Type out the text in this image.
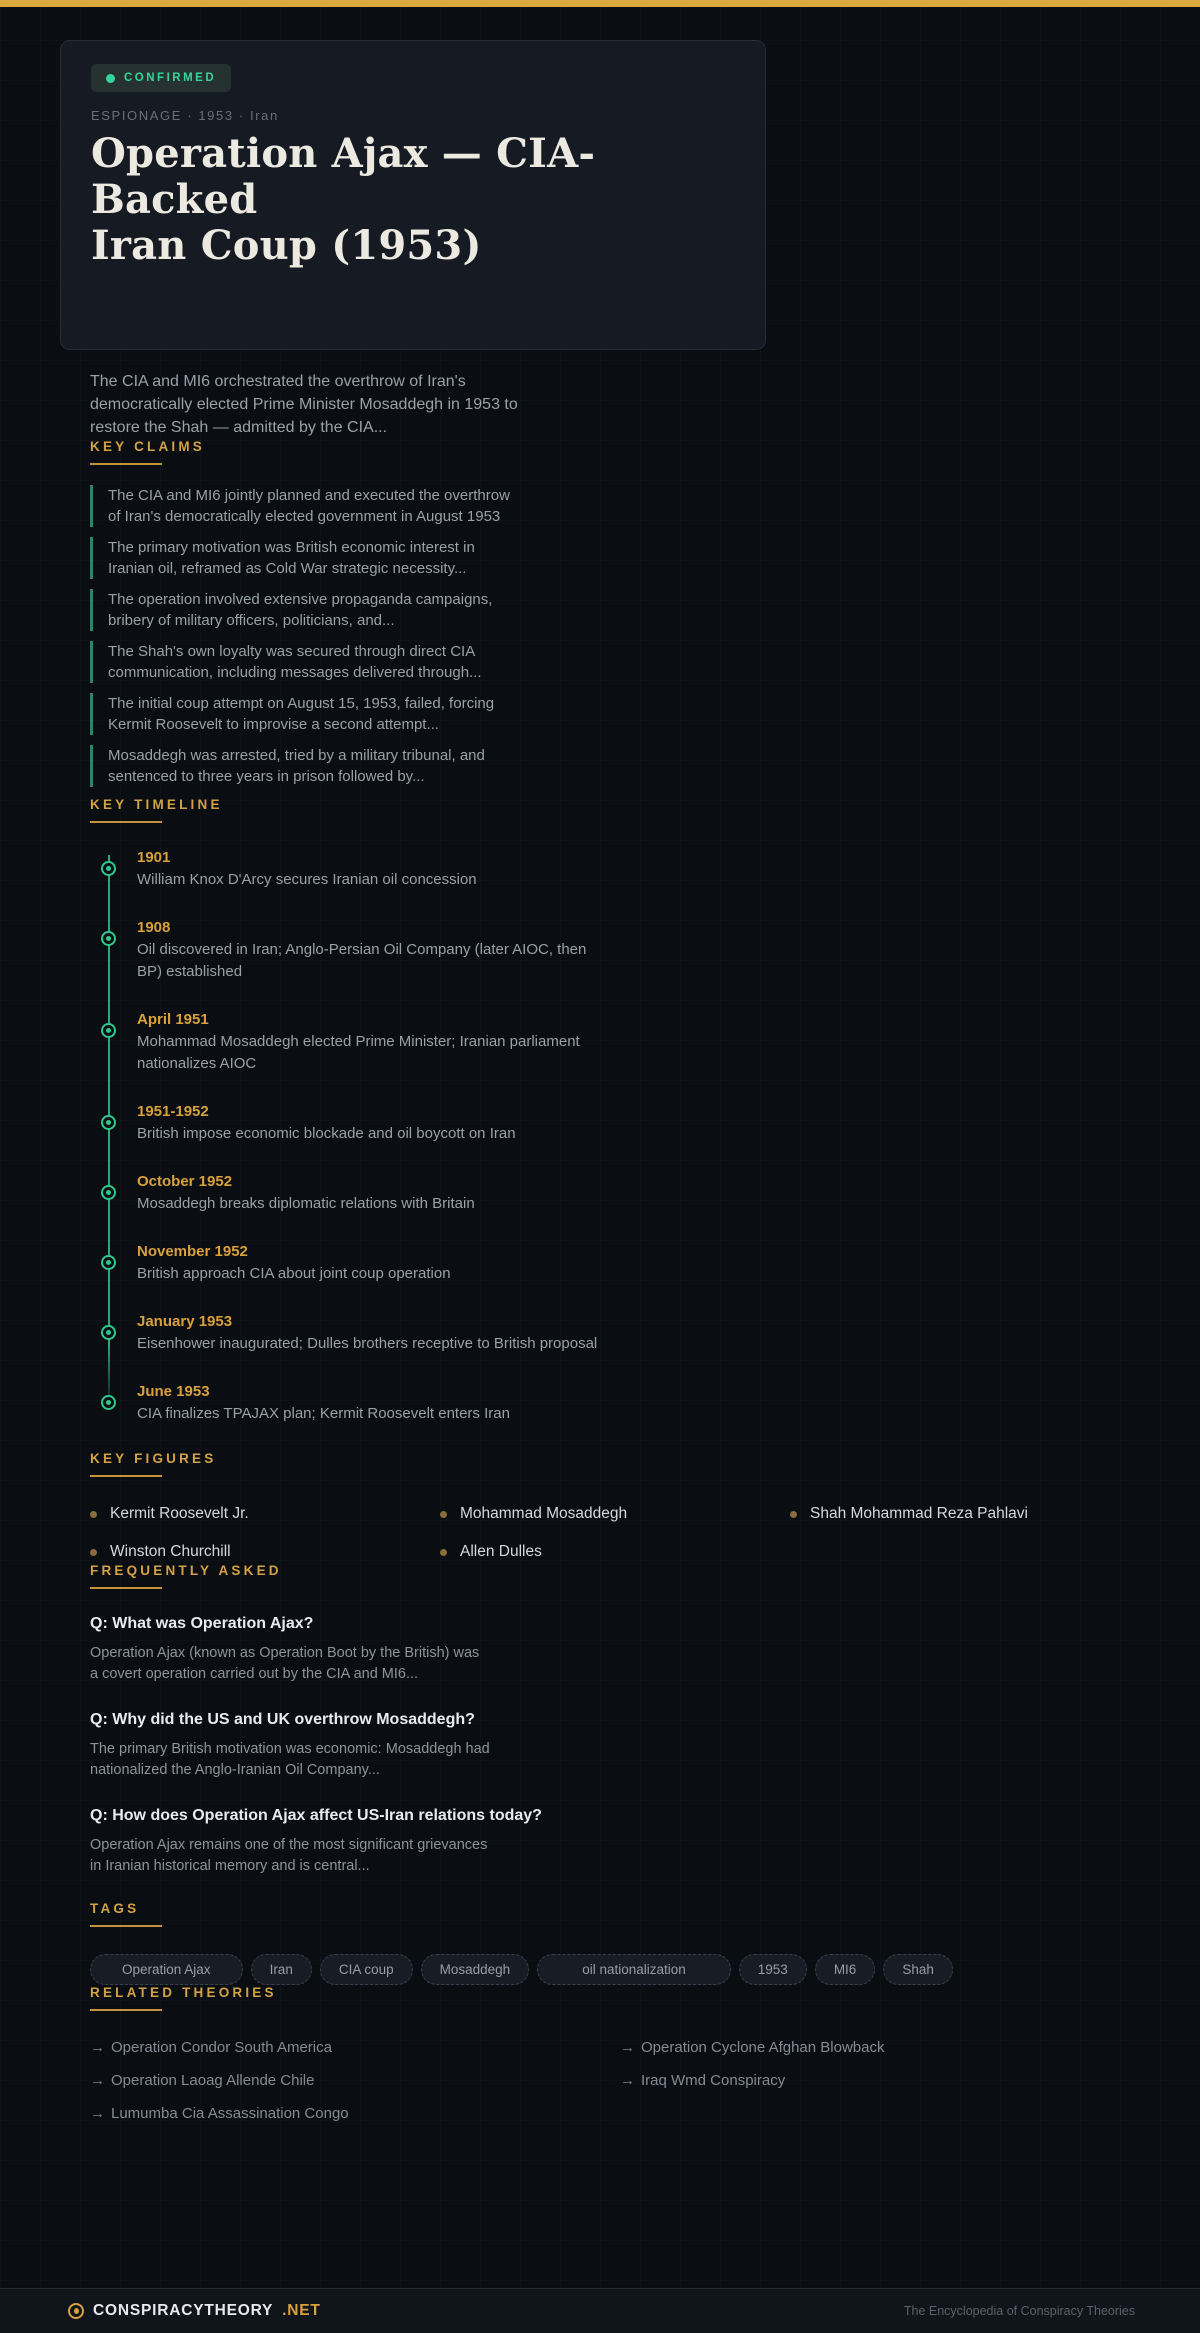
CONFIRMED
ESPIONAGE · 1953 · Iran
Operation Ajax — CIA-Backed
Iran Coup (1953)

The CIA and MI6 orchestrated the overthrow of Iran's democratically elected Prime Minister Mosaddegh in 1953 to restore the Shah — admitted by the CIA...

KEY CLAIMS
The CIA and MI6 jointly planned and executed the overthrow of Iran's democratically elected government in August 1953
The primary motivation was British economic interest in Iranian oil, reframed as Cold War strategic necessity...
The operation involved extensive propaganda campaigns, bribery of military officers, politicians, and...
The Shah's own loyalty was secured through direct CIA communication, including messages delivered through...
The initial coup attempt on August 15, 1953, failed, forcing Kermit Roosevelt to improvise a second attempt...
Mosaddegh was arrested, tried by a military tribunal, and sentenced to three years in prison followed by...
KEY TIMELINE
1901
William Knox D'Arcy secures Iranian oil concession
1908
Oil discovered in Iran; Anglo-Persian Oil Company (later AIOC, then BP) established
April 1951
Mohammad Mosaddegh elected Prime Minister; Iranian parliament nationalizes AIOC
1951-1952
British impose economic blockade and oil boycott on Iran
October 1952
Mosaddegh breaks diplomatic relations with Britain
November 1952
British approach CIA about joint coup operation
January 1953
Eisenhower inaugurated; Dulles brothers receptive to British proposal
June 1953
CIA finalizes TPAJAX plan; Kermit Roosevelt enters Iran
KEY FIGURES
Kermit Roosevelt Jr.	Mohammad Mosaddegh	Shah Mohammad Reza Pahlavi
Winston Churchill	Allen Dulles
FREQUENTLY ASKED
Q: What was Operation Ajax?
Operation Ajax (known as Operation Boot by the British) was a covert operation carried out by the CIA and MI6...
Q: Why did the US and UK overthrow Mosaddegh?
The primary British motivation was economic: Mosaddegh had nationalized the Anglo-Iranian Oil Company...
Q: How does Operation Ajax affect US-Iran relations today?
Operation Ajax remains one of the most significant grievances in Iranian historical memory and is central...
TAGS
Operation Ajax	Iran	CIA coup	Mosaddegh	oil nationalization	1953	MI6	Shah
RELATED THEORIES
→ Operation Condor South America
→ Operation Laoag Allende Chile
→ Lumumba Cia Assassination Congo
→ Operation Cyclone Afghan Blowback
→ Iraq Wmd Conspiracy
CONSPIRACYTHEORY .NET	The Encyclopedia of Conspiracy Theories
